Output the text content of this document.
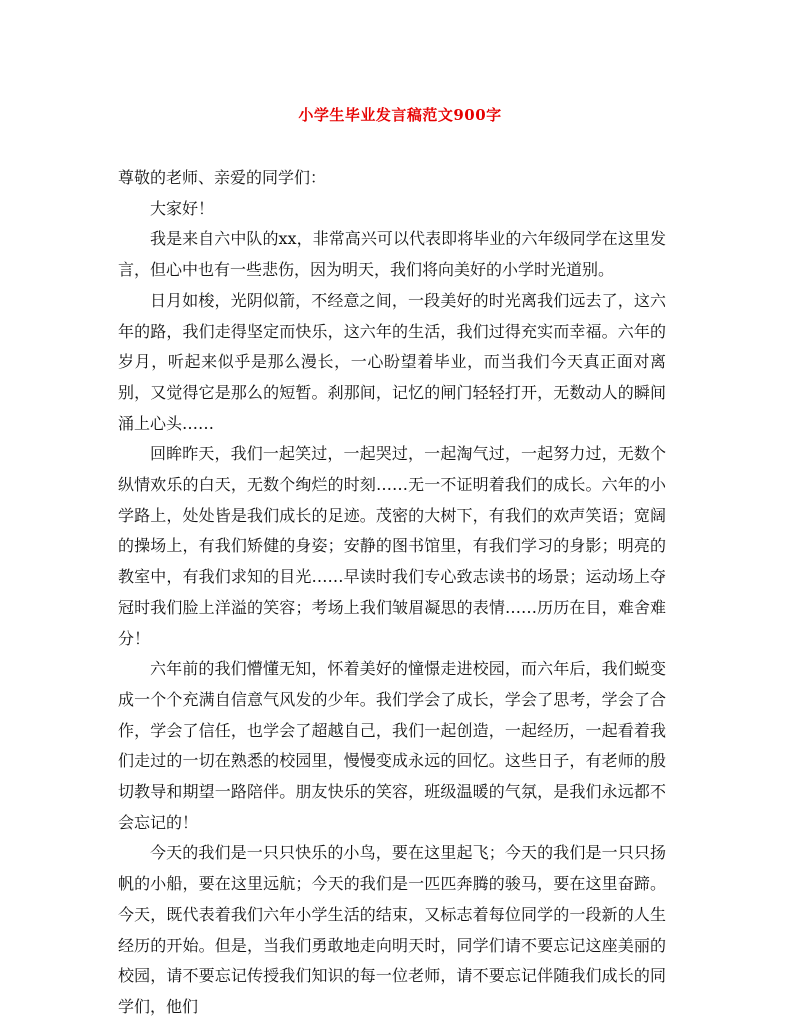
小学生毕业发言稿范文900字

尊敬的老师、亲爱的同学们：

大家好！

我是来自六中队的xx，非常高兴可以代表即将毕业的六年级同学在这里发言，但心中也有一些悲伤，因为明天，我们将向美好的小学时光道别。

日月如梭，光阴似箭，不经意之间，一段美好的时光离我们远去了，这六年的路，我们走得坚定而快乐，这六年的生活，我们过得充实而幸福。六年的岁月，听起来似乎是那么漫长，一心盼望着毕业，而当我们今天真正面对离别，又觉得它是那么的短暂。刹那间，记忆的闸门轻轻打开，无数动人的瞬间涌上心头……

回眸昨天，我们一起笑过，一起哭过，一起淘气过，一起努力过，无数个纵情欢乐的白天，无数个绚烂的时刻……无一不证明着我们的成长。六年的小学路上，处处皆是我们成长的足迹。茂密的大树下，有我们的欢声笑语；宽阔的操场上，有我们矫健的身姿；安静的图书馆里，有我们学习的身影；明亮的教室中，有我们求知的目光……早读时我们专心致志读书的场景；运动场上夺冠时我们脸上洋溢的笑容；考场上我们皱眉凝思的表情……历历在目，难舍难分！

六年前的我们懵懂无知，怀着美好的憧憬走进校园，而六年后，我们蜕变成一个个充满自信意气风发的少年。我们学会了成长，学会了思考，学会了合作，学会了信任，也学会了超越自己，我们一起创造，一起经历，一起看着我们走过的一切在熟悉的校园里，慢慢变成永远的回忆。这些日子，有老师的殷切教导和期望一路陪伴。朋友快乐的笑容，班级温暖的气氛，是我们永远都不会忘记的！

今天的我们是一只只快乐的小鸟，要在这里起飞；今天的我们是一只只扬帆的小船，要在这里远航；今天的我们是一匹匹奔腾的骏马，要在这里奋蹄。今天，既代表着我们六年小学生活的结束，又标志着每位同学的一段新的人生经历的开始。但是，当我们勇敢地走向明天时，同学们请不要忘记这座美丽的校园，请不要忘记传授我们知识的每一位老师，请不要忘记伴随我们成长的同学们，他们
